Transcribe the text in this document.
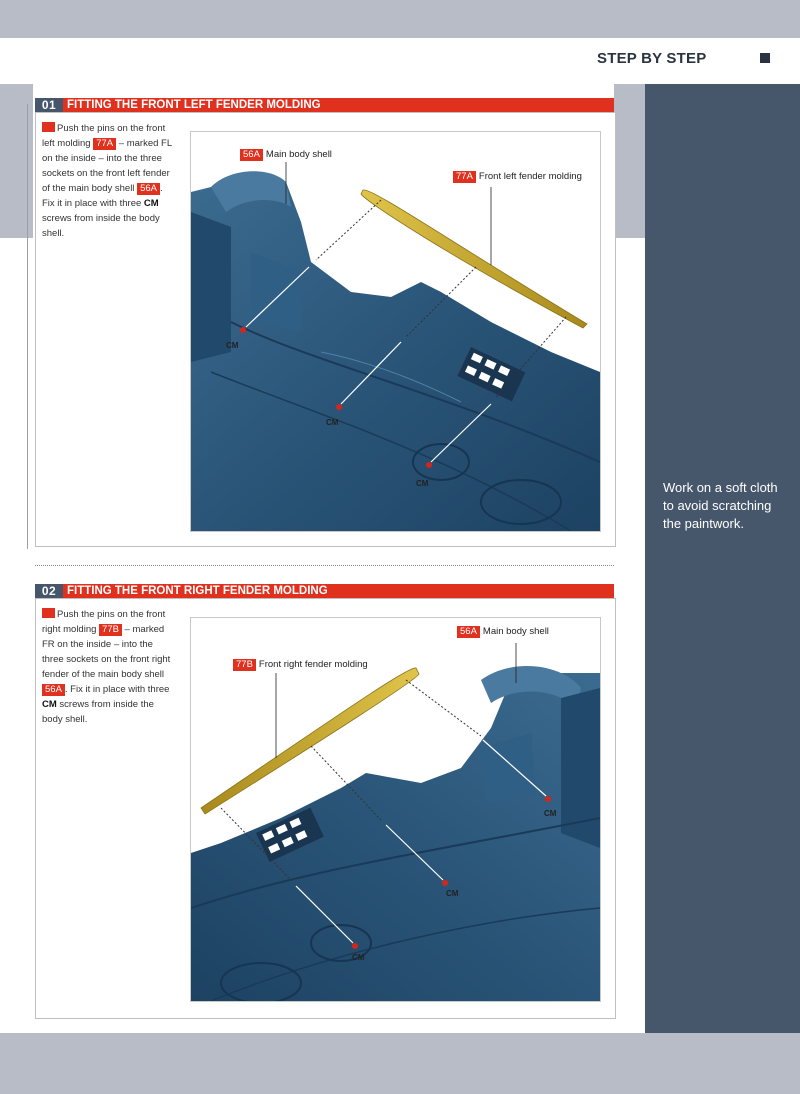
STEP BY STEP
Work on a soft cloth to avoid scratching the paintwork.
01 FITTING THE FRONT LEFT FENDER MOLDING
Push the pins on the front left molding 77A – marked FL on the inside – into the three sockets on the front left fender of the main body shell 56A . Fix it in place with three CM screws from inside the body shell.
56A Main body shell
77A Front left fender molding
CM
CM
CM
02 FITTING THE FRONT RIGHT FENDER MOLDING
Push the pins on the front right molding 77B – marked FR on the inside – into the three sockets on the front right fender of the main body shell 56A . Fix it in place with three CM screws from inside the body shell.
56A Main body shell
77B Front right fender molding
CM
CM
CM
